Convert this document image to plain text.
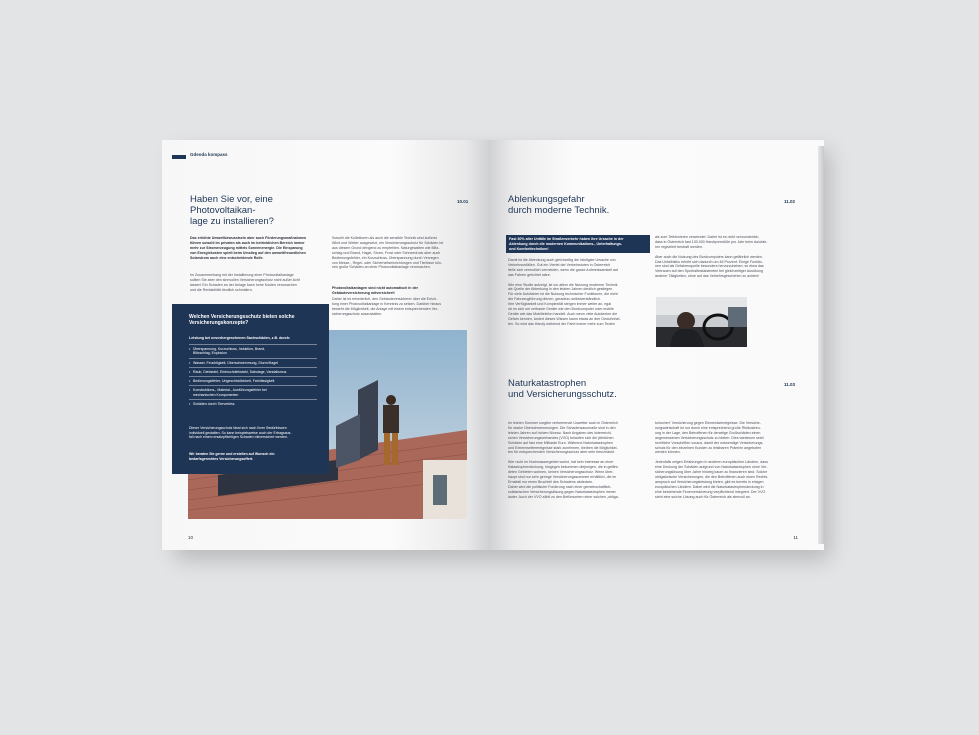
Gdeoda kompass
Haben Sie vor, eine Photovoltaikan-
lage zu installieren?
10.01

Das erhöhte Umweltbewusstsein aber auch Förderungsmaßnahmen
führen sowohl im privaten als auch im betrieblichen Bereich immer
mehr zur Stromerzeugung mittels Sonnenenergie. Die Einsparung
von Energiekosten spielt beim Umstieg auf den umweltfreundlichen
Solarstrom auch eine entscheidende Rolle.

Im Zusammenhang mit der Installierung einer Photovoltaikanlage
sollten Sie aber den sinnvollen Versicherungsschutz nicht außer Acht
lassen! Ein Schaden an der Anlage kann hohe Kosten verursachen
und die Rentabilität deutlich schmälern.

Sowohl die Kollektoren als auch die sensible Technik sind äußerst
Wind und Wetter ausgesetzt, ein Versicherungsschutz für Schäden ist
aus diesem Grund dringend zu empfehlen. Naturgewalten wie Blitz-
schlag und Brand, Hagel, Sturm, Frost oder Schneedruck aber auch
Bedienungsfehler, ein Kurzschluss, Überspannung durch Verzegen
von Messe-, Regel- oder Sicherheitseinrichtungen und Tierbisse kön-
nen große Schäden an einer Photovoltaikanlage verursachen.

Photovoltaikanlagen sind nicht automatisch in der
Gebäudeversicherung mitversichert!

Daher ist es erforderlich, den Gebäudeversicherer über die Errich-
tung einer Photovoltaikanlage in Kenntnis zu setzen. Darüber hinaus
besteht die Möglichkeit, die Anlage mit einem entsprechenden Ver-
sicherungsschutz auszustatten.

Welchen Versicherungsschutz bieten solche
Versicherungskonzepte?
Leistung bei unvorhergesehenen Sachschäden, z.B. durch:
• Überspannung, Kurzschluss, Induktion, Brand,
Blitzschlag, Explosion
• Wasser, Feuchtigkeit, Überschwemmung, Sturm/Hagel
• Raub, Diebstahl, Einbruchdiebstahl, Sabotage, Vandalismus
• Bedienungsfehler, Ungeschicklichkeit, Fahrlässigkeit
• Konstruktions-, Material-, Ausführungsfehler bei
mechanischen Komponenten
• Schäden durch Tierverbiss
Dieser Versicherungsschutz lässt sich nach Ihren Bedürfnissen
individuell gestalten. So kann beispielsweise auch der Ertragsaus-
fall nach einem ersatzpflichtigen Schaden mitversichert werden.
Wir beraten Sie gerne und erstellen auf Wunsch ein
bedarfsgerechtes Versicherungsoffert.
10
Ablenkungsgefahr
durch moderne Technik.
11.02
Fast 30% aller Unfälle im Straßenverkehr haben ihre Ursache in der
Ablenkung durch die modernen Kommunikations-, Unterhaltungs-
und Komforttechniken!

Damit ist die Ablenkung auch gleichzeitig die häufigste Ursache von
Verkehrsunfällen. Gut ein Viertel der Verkehrstoten in Österreich
ließe sich vermutlich vermeiden, wenn die ganze Aufmerksamkeit auf
das Fahren gerichtet wäre.

Wie eine Studie aufzeigt, ist vor allem die Nutzung moderner Technik
als Quelle der Ablenkung in den letzten Jahren deutlich gestiegen.
Für viele Autofahrer ist die Nutzung technischer Funktionen, die nicht
der Fahrzeugführung dienen, geradezu selbstverständlich.
Ihre Verfügbarkeit und Komplexität steigen immer weiter an, egal
ob es sich um verbaute Geräte wie den Bordcomputer oder mobile
Geräte wie das Mobiltelefon handelt. Auch wenn viele Autolenker die
Gefahr kennen, ändert dieses Wissen kaum etwas an den Gewohnhei-
ten. So wird das Handy während der Fahrt immer mehr zum Texten

als zum Telefonieren verwendet. Daher ist es nicht verwunderlich,
dass in Österreich fast 130.000 Handyverstöße pro Jahr beim Autofah-
ren registriert bestraft werden.

Aber auch die Nutzung des Bordcomputers kann gefährlich werden.
Das Unfallrisiko erhöht sich dadurch um 46 Prozent. Einige Funktio-
nen sind als Gefahrenquelle besonders hervorzuheben, so etwa das
Vertrauen auf den Spurhalteassistenten bei gleichzeitiger Ausübung
anderer Tätigkeiten, ohne auf das Verkehrsgeschehen zu achten!

Naturkatastrophen
und Versicherungsschutz.
11.03

Im letzten Sommer sorgten verheerende Unwetter auch in Österreich
für starke Überschwemmungen. Die Schadensausmaße sind in den
letzten Jahren auf hohem Niveau. Nach Angaben des österreichi-
schen Versicherungsverbandes (VVO) belaufen sich die jährlichen
Schäden auf fast eine Milliarde Euro. Während Naturkatastrophen
und Extremwetterereignisse stark zunehmen, bleiben die Möglichkei-
ten für entsprechenden Versicherungsschutz aber sehr beschränkt.

Wer nicht im Hochwassergebiet wohnt, hat kein Interesse an einer
Katastrophendeckung, hingegen bekommen diejenigen, die in gefähr-
deten Gebieten wohnen, keinen Versicherungsschutz. Wenn über-
haupt sind nur sehr geringe Versicherungssummen erhältlich, die im
Ernstfall nur einen Bruchteil des Schadens abdecken.
Daher wird die politische Forderung nach einer gemeinschaftlich-
solidarischen Versicherungslösung gegen Naturkatastrophen immer
lauter. Auch der VVO zählt zu den Befürwortern einer solchen „obliga-

torischen“ Versicherung gegen Elementarereignisse. Die Versiche-
rungswirtschaft ist nur durch eine entsprechend große Risikostreu-
ung in der Lage, den Betroffenen für derartige Großschäden einen
angemessenen Versicherungsschutz zu bieten. Dies wiederum setzt
rechtliche Vorschriften voraus, damit der notwendige Versicherungs-
schutz für den einzelnen Kunden zu leistbaren Prämien angeboten
werden können.

Jedenfalls zeigen Erfahrungen in anderen europäischen Ländern, dass
eine Deckung der Schäden aufgrund von Naturkatastrophen ohne Ver-
sicherungslösung über Jahre hinweg kaum zu finanzieren sind. Solche
obligatorische Versicherungen, die den Betroffenen auch einen Rechts-
anspruch auf Versicherungsleistung bieten, gibt es bereits in einigen
europäischen Ländern. Dabei wird die Naturkatastrophendeckung in
eine bestehende Feuerversicherung verpflichtend integriert. Der VVO
sieht eine solche Lösung auch für Österreich als sinnvoll an.

11
